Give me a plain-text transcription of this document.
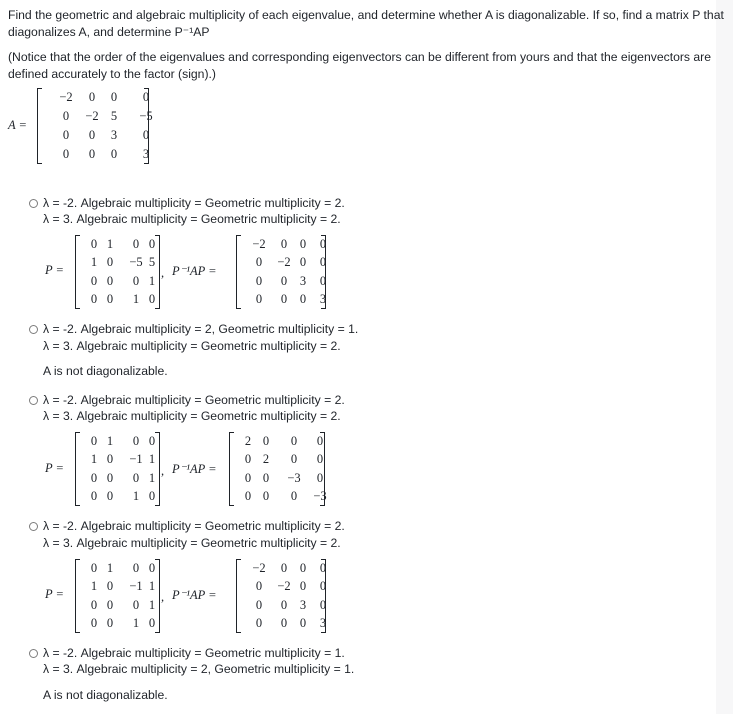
Find the geometric and algebraic multiplicity of each eigenvalue, and determine whether A is diagonalizable. If so, find a matrix P that
diagonalizes A, and determine P⁻¹AP
(Notice that the order of the eigenvalues and corresponding eigenvectors can be different from yours and that the eigenvectors are
defined accurately to the factor (sign).)
A =
−2	0	0	0
0	−2 5	−5
0	0	3	0
0	0	0	3
λ = -2. Algebraic multiplicity = Geometric multiplicity = 2.
λ = 3. Algebraic multiplicity = Geometric multiplicity = 2.
P =
0 1	0 0
1 0	−5 5
0 0	0 1
0 0	1 0
, P⁻¹AP =
−2	0	0	0
0	−2 0	0
0	0	3	0
0	0	0	3
λ = -2. Algebraic multiplicity = 2, Geometric multiplicity = 1.
λ = 3. Algebraic multiplicity = Geometric multiplicity = 2.
A is not diagonalizable.
λ = -2. Algebraic multiplicity = Geometric multiplicity = 2.
λ = 3. Algebraic multiplicity = Geometric multiplicity = 2.
P =
0 1	0 0
1 0	−1 1
0 0	0 1
0 0	1 0
, P⁻¹AP =
2 0	0	0
0 2	0	0
0 0	−3	0
0 0	0	−3
λ = -2. Algebraic multiplicity = Geometric multiplicity = 2.
λ = 3. Algebraic multiplicity = Geometric multiplicity = 2.
P =
0 1	0 0
1 0	−1 1
0 0	0 1
0 0	1 0
, P⁻¹AP =
−2	0	0	0
0	−2 0	0
0	0	3	0
0	0	0	3
λ = -2. Algebraic multiplicity = Geometric multiplicity = 1.
λ = 3. Algebraic multiplicity = 2, Geometric multiplicity = 1.
A is not diagonalizable.
